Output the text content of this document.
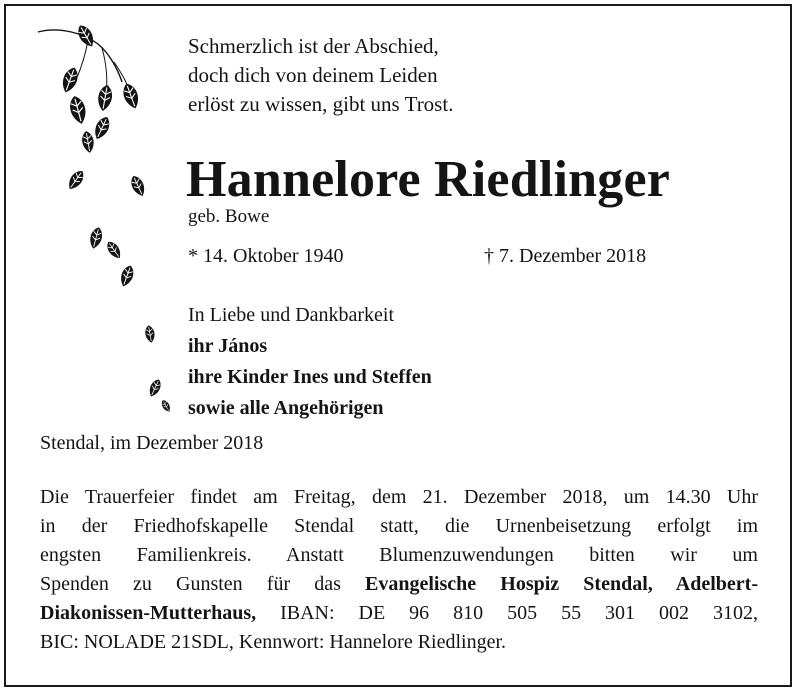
Schmerzlich ist der Abschied,
doch dich von deinem Leiden
erlöst zu wissen, gibt uns Trost.
Hannelore Riedlinger
geb. Bowe
* 14. Oktober 1940	† 7. Dezember 2018
In Liebe und Dankbarkeit
ihr János
ihre Kinder Ines und Steffen
sowie alle Angehörigen
Stendal, im Dezember 2018
Die Trauerfeier findet am Freitag, dem 21. Dezember 2018, um 14.30 Uhr
in der Friedhofskapelle Stendal statt, die Urnenbeisetzung erfolgt im
engsten Familienkreis. Anstatt Blumenzuwendungen bitten wir um
Spenden zu Gunsten für das Evangelische Hospiz Stendal, Adelbert-
Diakonissen-Mutterhaus, IBAN: DE 96 810 505 55 301 002 3102,
BIC: NOLADE 21SDL, Kennwort: Hannelore Riedlinger.
